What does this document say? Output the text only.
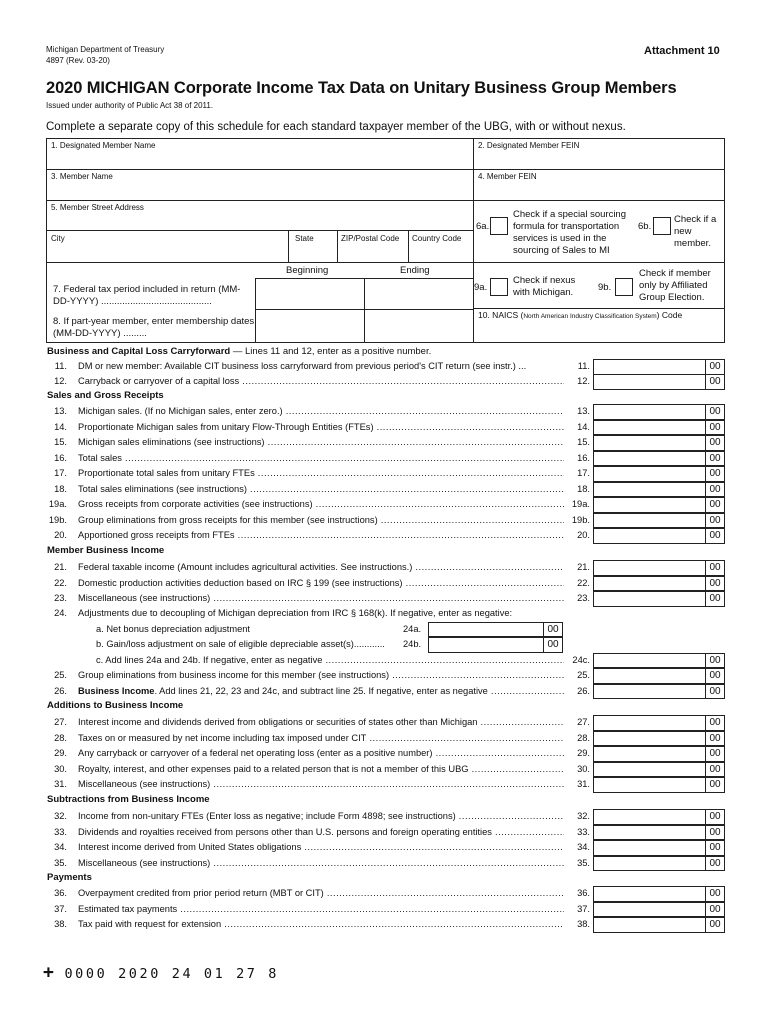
Michigan Department of Treasury
4897 (Rev. 03-20)
Attachment 10
2020 MICHIGAN Corporate Income Tax Data on Unitary Business Group Members
Issued under authority of Public Act 38 of 2011.
Complete a separate copy of this schedule for each standard taxpayer member of the UBG, with or without nexus.
1. Designated Member Name	2. Designated Member FEIN
3. Member Name	4. Member FEIN
5. Member Street Address
City	State	ZIP/Postal Code Country Code
6a.
Check if a special sourcing formula for transportation services is used in the sourcing of Sales to MI
6b.
Check if a new member.
Beginning	Ending
7. Federal tax period included in return (MM-DD-YYYY) ..........................................
8. If part-year member, enter membership dates (MM-DD-YYYY) .........
9a.
Check if nexus with Michigan.	9b.
Check if member only by Affiliated Group Election.
10. NAICS (North American Industry Classification System) Code
Business and Capital Loss Carryforward — Lines 11 and 12, enter as a positive number.
11. DM or new member: Available CIT business loss carryforward from previous period's CIT return (see instr.) ...	11.	00
12. Carryback or carryover of a capital loss .....	12.	00
Sales and Gross Receipts
13. Michigan sales. (If no Michigan sales, enter zero.) .....	13.	00
14. Proportionate Michigan sales from unitary Flow-Through Entities (FTEs) .....	14.	00
15. Michigan sales eliminations (see instructions) .....	15.	00
16. Total sales .....	16.	00
17. Proportionate total sales from unitary FTEs .....	17.	00
18. Total sales eliminations (see instructions) .....	18.	00
19a. Gross receipts from corporate activities (see instructions) .....	19a.	00
19b. Group eliminations from gross receipts for this member (see instructions) .....	19b.	00
20. Apportioned gross receipts from FTEs .....	20.	00
Member Business Income
21. Federal taxable income (Amount includes agricultural activities. See instructions.) .....	21.	00
22. Domestic production activities deduction based on IRC § 199 (see instructions) .....	22.	00
23. Miscellaneous (see instructions) .....	23.	00
24. Adjustments due to decoupling of Michigan depreciation from IRC § 168(k). If negative, enter as negative:
a. Net bonus depreciation adjustment	24a.	00
b. Gain/loss adjustment on sale of eligible depreciable asset(s)............	24b.	00
c. Add lines 24a and 24b. If negative, enter as negative .....	24c.	00
25. Group eliminations from business income for this member (see instructions) .....	25.	00
26. Business Income. Add lines 21, 22, 23 and 24c, and subtract line 25. If negative, enter as negative .....	26.	00
Additions to Business Income
27. Interest income and dividends derived from obligations or securities of states other than Michigan .....	27.	00
28. Taxes on or measured by net income including tax imposed under CIT .....	28.	00
29. Any carryback or carryover of a federal net operating loss (enter as a positive number) .....	29.	00
30. Royalty, interest, and other expenses paid to a related person that is not a member of this UBG .....	30.	00
31. Miscellaneous (see instructions) .....	31.	00
Subtractions from Business Income
32. Income from non-unitary FTEs (Enter loss as negative; include Form 4898; see instructions) .....	32.	00
33. Dividends and royalties received from persons other than U.S. persons and foreign operating entities .....	33.	00
34. Interest income derived from United States obligations .....	34.	00
35. Miscellaneous (see instructions) .....	35.	00
Payments
36. Overpayment credited from prior period return (MBT or CIT) .....	36.	00
37. Estimated tax payments .....	37.	00
38. Tax paid with request for extension .....	38.	00
+ 0000 2020 24 01 27 8
